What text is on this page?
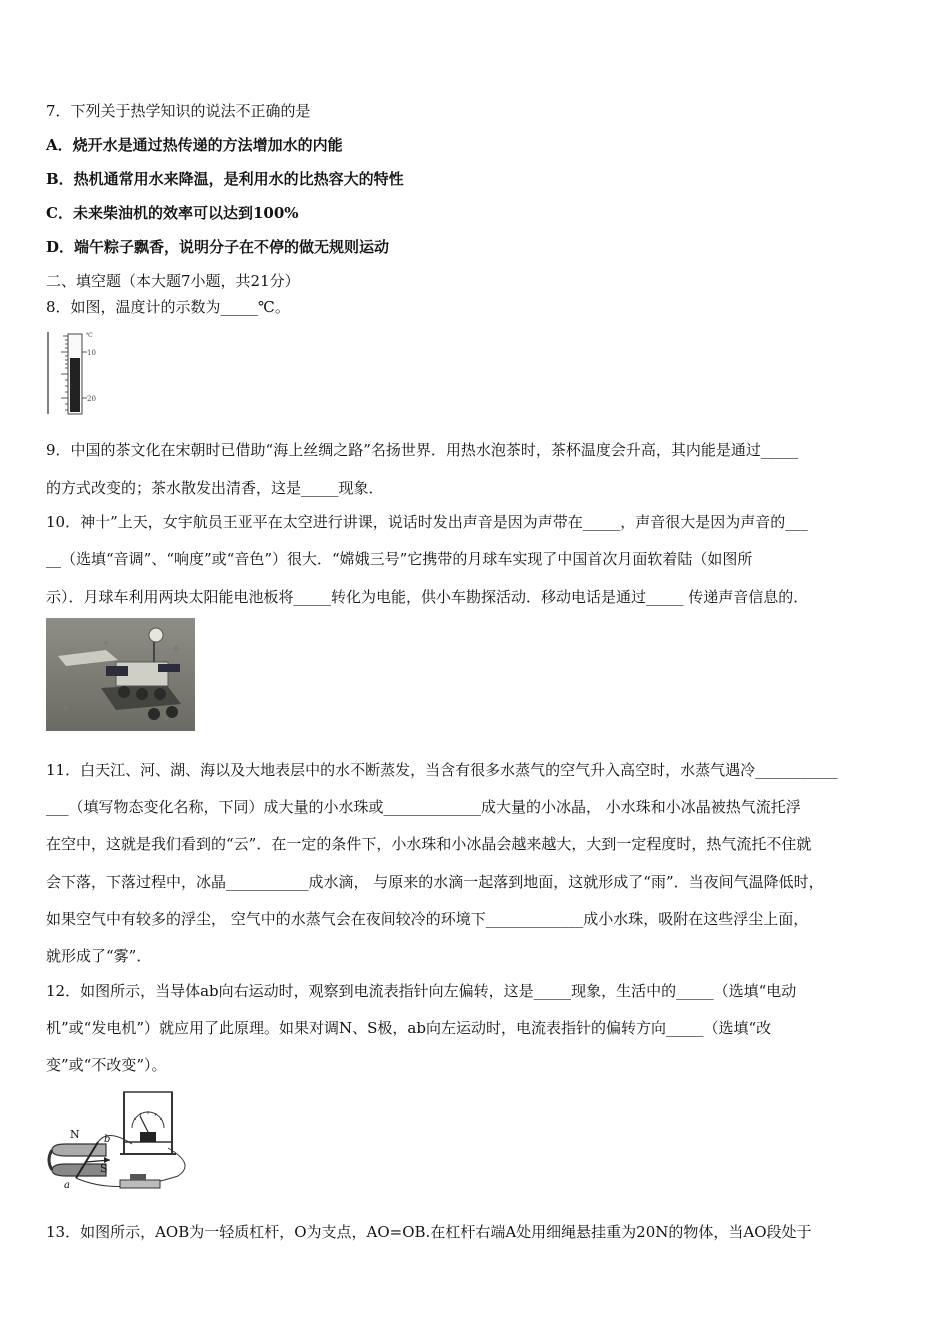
7．下列关于热学知识的说法不正确的是
A．烧开水是通过热传递的方法增加水的内能
B．热机通常用水来降温，是利用水的比热容大的特性
C．未来柴油机的效率可以达到100%
D．端午粽子飘香，说明分子在不停的做无规则运动
二、填空题（本大题7小题，共21分）
8．如图，温度计的示数为_____℃。
℃
10
20
9．中国的茶文化在宋朝时已借助“海上丝绸之路”名扬世界．用热水泡茶时，茶杯温度会升高，其内能是通过_____
的方式改变的；茶水散发出清香，这是_____现象．
10．神十”上天，女宇航员王亚平在太空进行讲课，说话时发出声音是因为声带在_____，声音很大是因为声音的___
__（选填“音调”、“响度”或“音色”）很大．“嫦娥三号”它携带的月球车实现了中国首次月面软着陆（如图所
示）．月球车利用两块太阳能电池板将_____转化为电能，供小车勘探活动．移动电话是通过_____ 传递声音信息的．
11．白天江、河、湖、海以及大地表层中的水不断蒸发，当含有很多水蒸气的空气升入高空时，水蒸气遇冷___________
___（填写物态变化名称，下同）成大量的小水珠或_____________成大量的小冰晶， 小水珠和小冰晶被热气流托浮
在空中，这就是我们看到的“云”．在一定的条件下，小水珠和小冰晶会越来越大，大到一定程度时，热气流托不住就
会下落，下落过程中，冰晶___________成水滴， 与原来的水滴一起落到地面，这就形成了“雨”．当夜间气温降低时，
如果空气中有较多的浮尘， 空气中的水蒸气会在夜间较冷的环境下_____________成小水珠，吸附在这些浮尘上面，
就形成了“雾”．
12．如图所示，当导体ab向右运动时，观察到电流表指针向左偏转，这是_____现象，生活中的_____（选填“电动
机”或“发电机”）就应用了此原理。如果对调N、S极，ab向左运动时，电流表指针的偏转方向_____（选填“改
变”或“不改变”）。
N
S
a
b
13．如图所示，AOB为一轻质杠杆，O为支点，AO=OB.在杠杆右端A处用细绳悬挂重为20N的物体，当AO段处于
